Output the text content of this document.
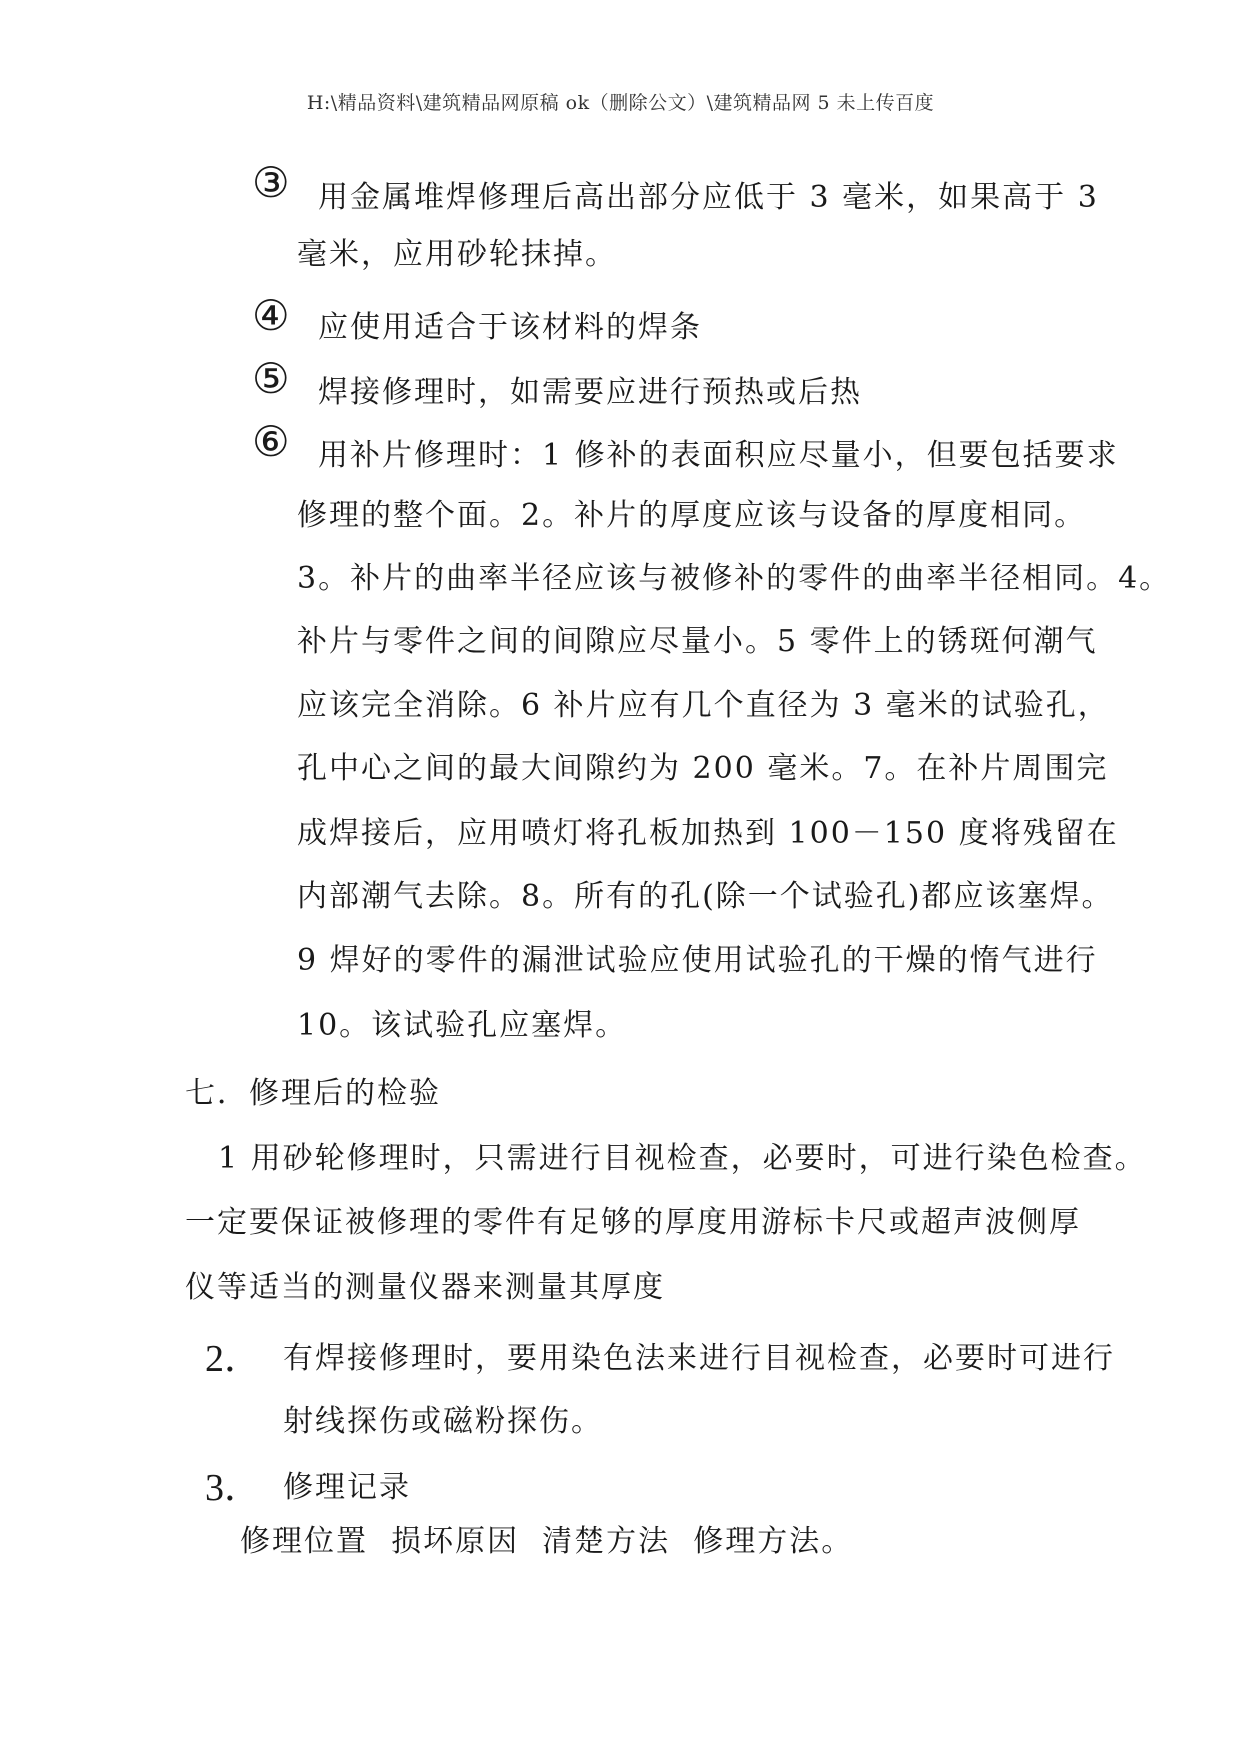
H:\精品资料\建筑精品网原稿 ok（删除公文）\建筑精品网 5 未上传百度
③ 用金属堆焊修理后高出部分应低于 3 毫米，如果高于 3
毫米，应用砂轮抹掉。
④ 应使用适合于该材料的焊条
⑤ 焊接修理时，如需要应进行预热或后热
⑥ 用补片修理时：1 修补的表面积应尽量小，但要包括要求
修理的整个面。2。补片的厚度应该与设备的厚度相同。
3。补片的曲率半径应该与被修补的零件的曲率半径相同。4。
补片与零件之间的间隙应尽量小。5 零件上的锈斑何潮气
应该完全消除。6 补片应有几个直径为 3 毫米的试验孔，
孔中心之间的最大间隙约为 200 毫米。7。在补片周围完
成焊接后，应用喷灯将孔板加热到 100－150 度将残留在
内部潮气去除。8。所有的孔(除一个试验孔)都应该塞焊。
9 焊好的零件的漏泄试验应使用试验孔的干燥的惰气进行
10。该试验孔应塞焊。
七．修理后的检验
1 用砂轮修理时，只需进行目视检查，必要时，可进行染色检查。
一定要保证被修理的零件有足够的厚度用游标卡尺或超声波侧厚
仪等适当的测量仪器来测量其厚度
2． 有焊接修理时，要用染色法来进行目视检查，必要时可进行
射线探伤或磁粉探伤。
3． 修理记录
修理位置  损坏原因  清楚方法  修理方法。
